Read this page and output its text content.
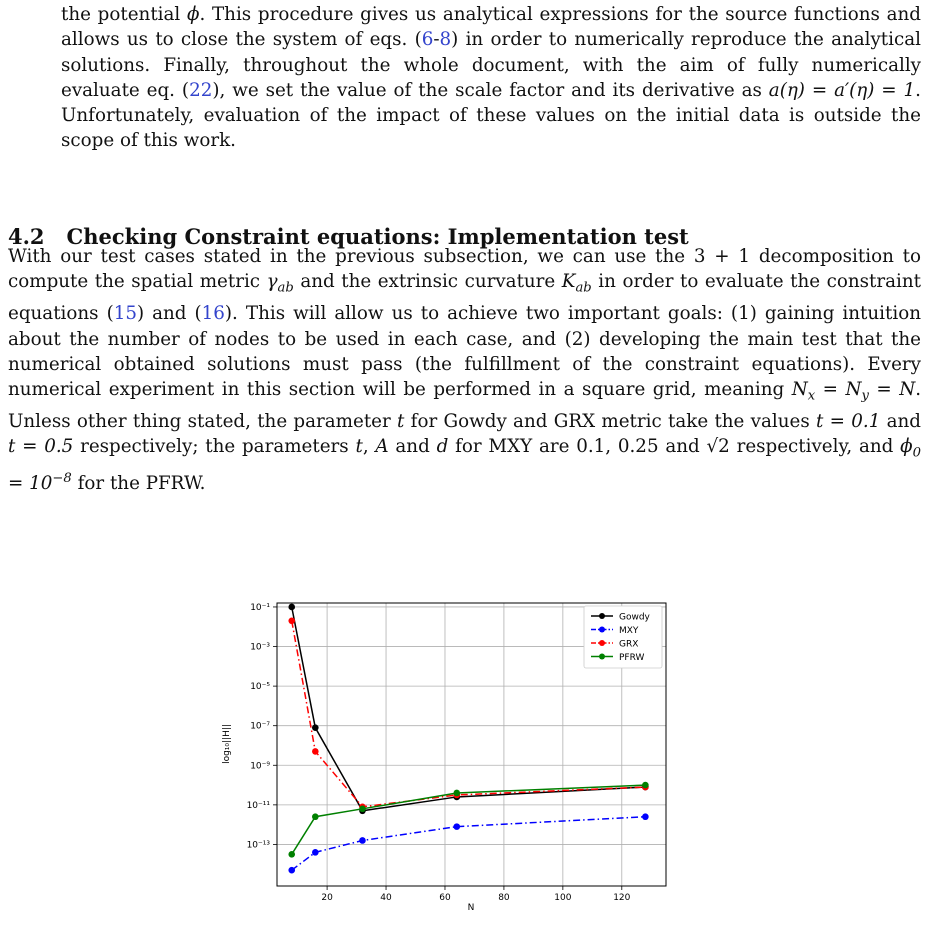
the potential ϕ. This procedure gives us analytical expressions for the source functions and allows us to close the system of eqs. (6-8) in order to numerically reproduce the analytical solutions. Finally, throughout the whole document, with the aim of fully numerically evaluate eq. (22), we set the value of the scale factor and its derivative as a(η) = a′(η) = 1. Unfortunately, evaluation of the impact of these values on the initial data is outside the scope of this work.

4.2 Checking Constraint equations: Implementation test

With our test cases stated in the previous subsection, we can use the 3 + 1 decomposition to compute the spatial metric $\gamma_{ab}$ and the extrinsic curvature $K_{ab}$ in order to evaluate the constraint equations (15) and (16). This will allow us to achieve two important goals: (1) gaining intuition about the number of nodes to be used in each case, and (2) developing the main test that the numerical obtained solutions must pass (the fulfillment of the constraint equations). Every numerical experiment in this section will be performed in a square grid, meaning $N_x = N_y = N$. Unless other thing stated, the parameter t for Gowdy and GRX metric take the values t = 0.1 and t = 0.5 respectively; the parameters t, A and d for MXY are 0.1, 0.25 and √2 respectively, and $\phi_0 = 10^{-8}$ for the PFRW.

20	40	60	80	100	120
10⁻¹
10⁻³
10⁻⁵
10⁻⁷
10⁻⁹
10⁻¹¹
10⁻¹³
log₁₀||H||
N
Gowdy
MXY
GRX
PFRW
